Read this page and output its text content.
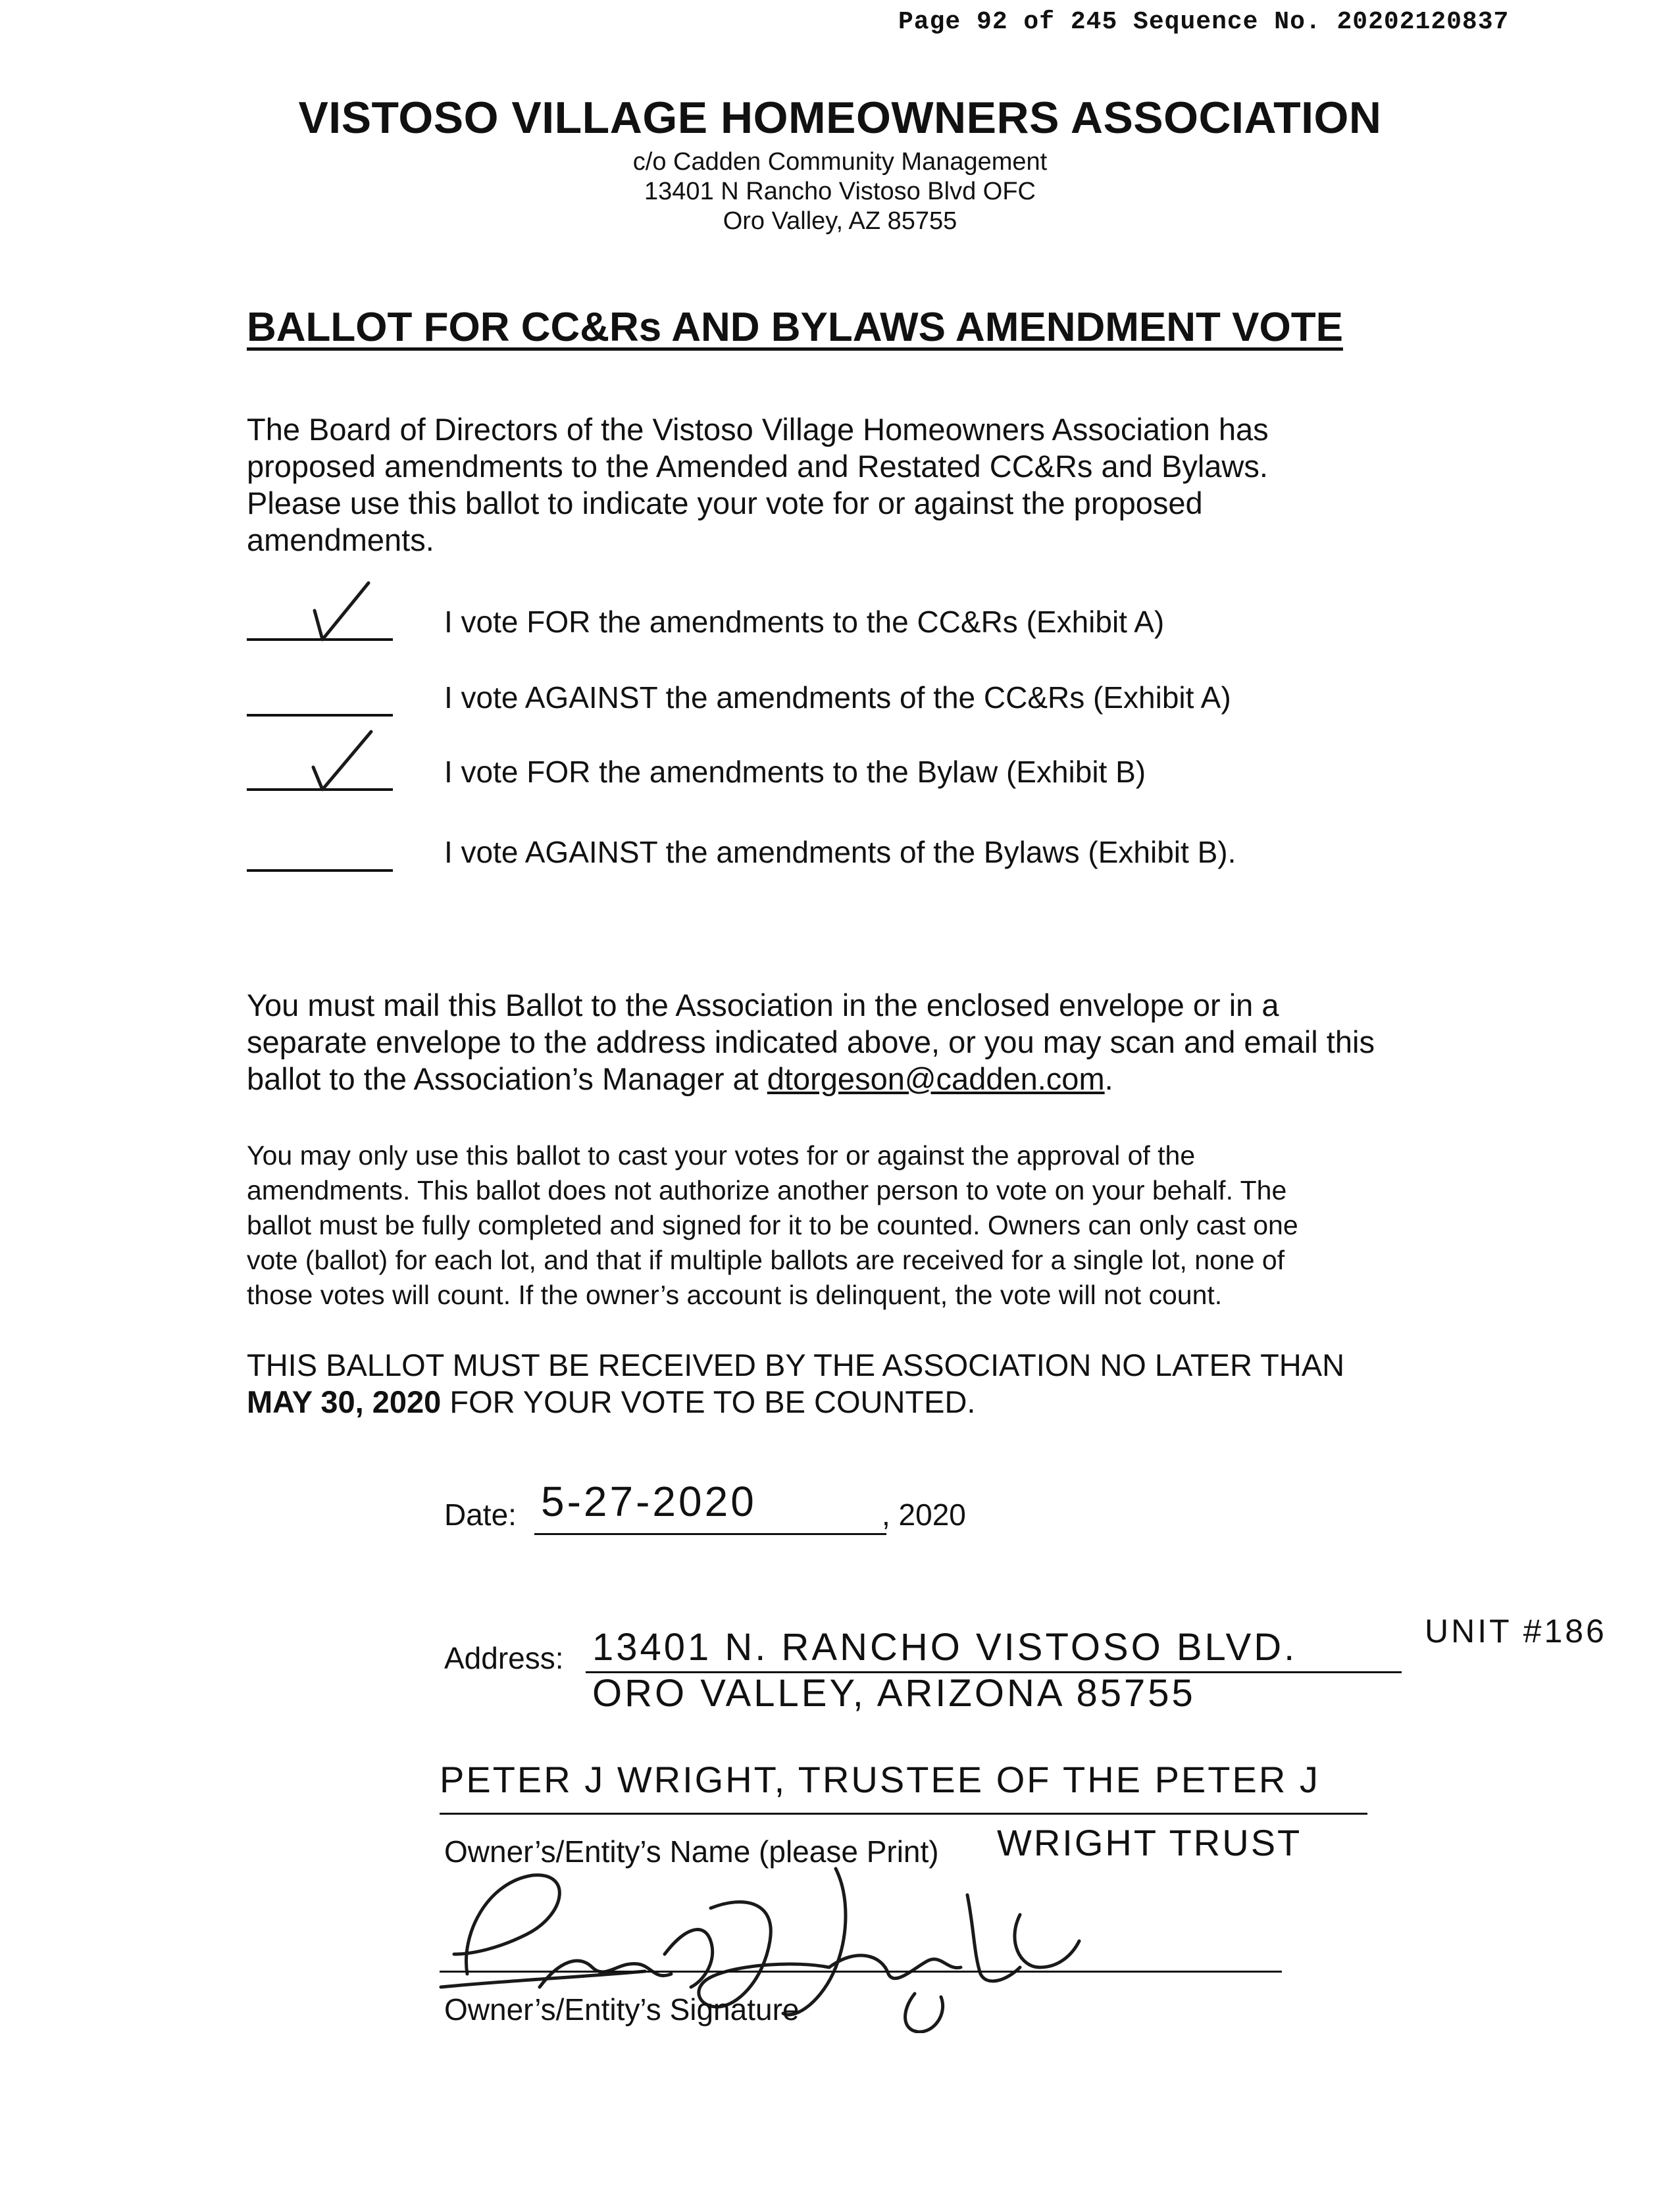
Page 92 of 245 Sequence No. 20202120837
VISTOSO VILLAGE HOMEOWNERS ASSOCIATION
c/o Cadden Community Management
13401 N Rancho Vistoso Blvd OFC
Oro Valley, AZ 85755
BALLOT FOR CC&Rs AND BYLAWS AMENDMENT VOTE
The Board of Directors of the Vistoso Village Homeowners Association has
proposed amendments to the Amended and Restated CC&Rs and Bylaws.
Please use this ballot to indicate your vote for or against the proposed
amendments.
I vote FOR the amendments to the CC&Rs (Exhibit A)
I vote AGAINST the amendments of the CC&Rs (Exhibit A)
I vote FOR the amendments to the Bylaw (Exhibit B)
I vote AGAINST the amendments of the Bylaws (Exhibit B).
You must mail this Ballot to the Association in the enclosed envelope or in a
separate envelope to the address indicated above, or you may scan and email this
ballot to the Association’s Manager at dtorgeson@cadden.com.
You may only use this ballot to cast your votes for or against the approval of the
amendments. This ballot does not authorize another person to vote on your behalf. The
ballot must be fully completed and signed for it to be counted. Owners can only cast one
vote (ballot) for each lot, and that if multiple ballots are received for a single lot, none of
those votes will count. If the owner’s account is delinquent, the vote will not count.
THIS BALLOT MUST BE RECEIVED BY THE ASSOCIATION NO LATER THAN
MAY 30, 2020 FOR YOUR VOTE TO BE COUNTED.
Date: 5-27-2020	, 2020
Address: 13401 N. RANCHO VISTOSO BLVD.	UNIT #186
ORO VALLEY, ARIZONA 85755
PETER J WRIGHT, TRUSTEE OF THE PETER J
Owner’s/Entity’s Name (please Print) WRIGHT TRUST
Owner’s/Entity’s Signature
